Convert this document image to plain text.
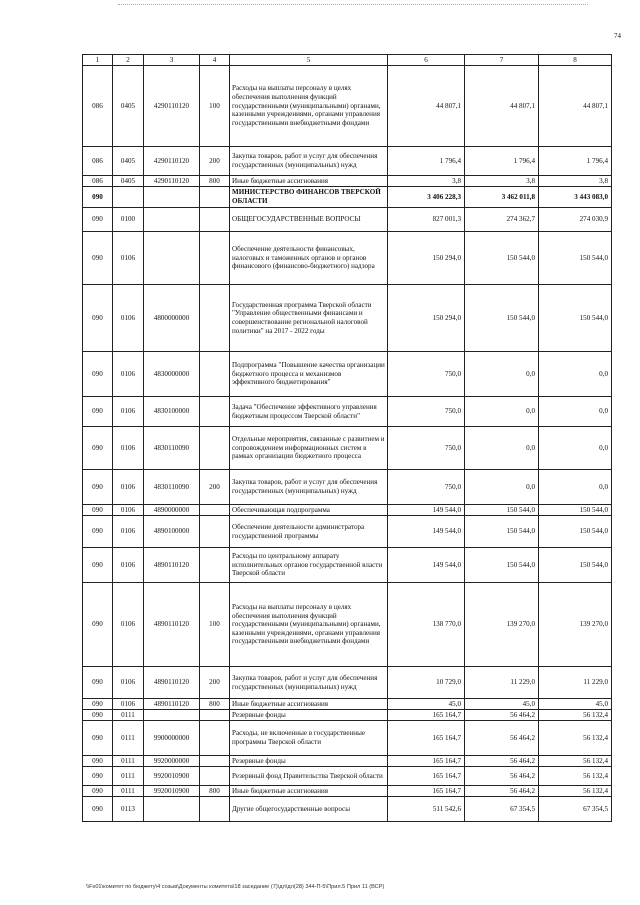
74
1	2	3	4	5	6	7	8
086	0405	4290110120	100	Расходы на выплаты персоналу в целях обеспечения выполнения функций государственными (муниципальными) органами, казенными учреждениями, органами управления государственными внебюджетными фондами	44 807,1	44 807,1	44 807,1
086	0405	4290110120	200	Закупка товаров, работ и услуг для обеспечения государственных (муниципальных) нужд	1 796,4	1 796,4	1 796,4
086	0405	4290110120	800	Иные бюджетные ассигнования	3,8	3,8	3,8
090				МИНИСТЕРСТВО ФИНАНСОВ ТВЕРСКОЙ ОБЛАСТИ	3 406 228,3	3 462 011,8	3 443 083,0
090	0100			ОБЩЕГОСУДАРСТВЕННЫЕ ВОПРОСЫ	827 001,3	274 362,7	274 030,9
090	0106			Обеспечение деятельности финансовых, налоговых и таможенных органов и органов финансового (финансово-бюджетного) надзора	150 294,0	150 544,0	150 544,0
090	0106	4800000000		Государственная программа Тверской области "Управление общественными финансами и совершенствование региональной налоговой политики" на 2017 - 2022 годы	150 294,0	150 544,0	150 544,0
090	0106	4830000000		Подпрограмма "Повышение качества организации бюджетного процесса и механизмов эффективного бюджетирования"	750,0	0,0	0,0
090	0106	4830100000		Задача "Обеспечение эффективного управления бюджетным процессом Тверской области"	750,0	0,0	0,0
090	0106	4830110090		Отдельные мероприятия, связанные с развитием и сопровождением информационных систем в рамках организации бюджетного процесса	750,0	0,0	0,0
090	0106	4830110090	200	Закупка товаров, работ и услуг для обеспечения государственных (муниципальных) нужд	750,0	0,0	0,0
090	0106	4890000000		Обеспечивающая подпрограмма	149 544,0	150 544,0	150 544,0
090	0106	4890100000		Обеспечение деятельности администратора государственной программы	149 544,0	150 544,0	150 544,0
090	0106	4890110120		Расходы по центральному аппарату исполнительных органов государственной власти Тверской области	149 544,0	150 544,0	150 544,0
090	0106	4890110120	100	Расходы на выплаты персоналу в целях обеспечения выполнения функций государственными (муниципальными) органами, казенными учреждениями, органами управления государственными внебюджетными фондами	138 770,0	139 270,0	139 270,0
090	0106	4890110120	200	Закупка товаров, работ и услуг для обеспечения государственных (муниципальных) нужд	10 729,0	11 229,0	11 229,0
090	0106	4890110120	800	Иные бюджетные ассигнования	45,0	45,0	45,0
090	0111			Резервные фонды	165 164,7	56 464,2	56 132,4
090	0111	9900000000		Расходы, не включенные в государственные программы Тверской области	165 164,7	56 464,2	56 132,4
090	0111	9920000000		Резервные фонды	165 164,7	56 464,2	56 132,4
090	0111	9920010900		Резервный фонд Правительства Тверской области	165 164,7	56 464,2	56 132,4
090	0111	9920010900	800	Иные бюджетные ассигнования	165 164,7	56 464,2	56 132,4
090	0113			Другие общегосударственные вопросы	511 542,6	67 354,5	67 354,5
\\Fs01\комитет по бюджету\4 созыв\Документы комитета\18 заседание (7)\дл\дл(28) 344-П-5\Прил.5 Прил 11 (ВСР)
